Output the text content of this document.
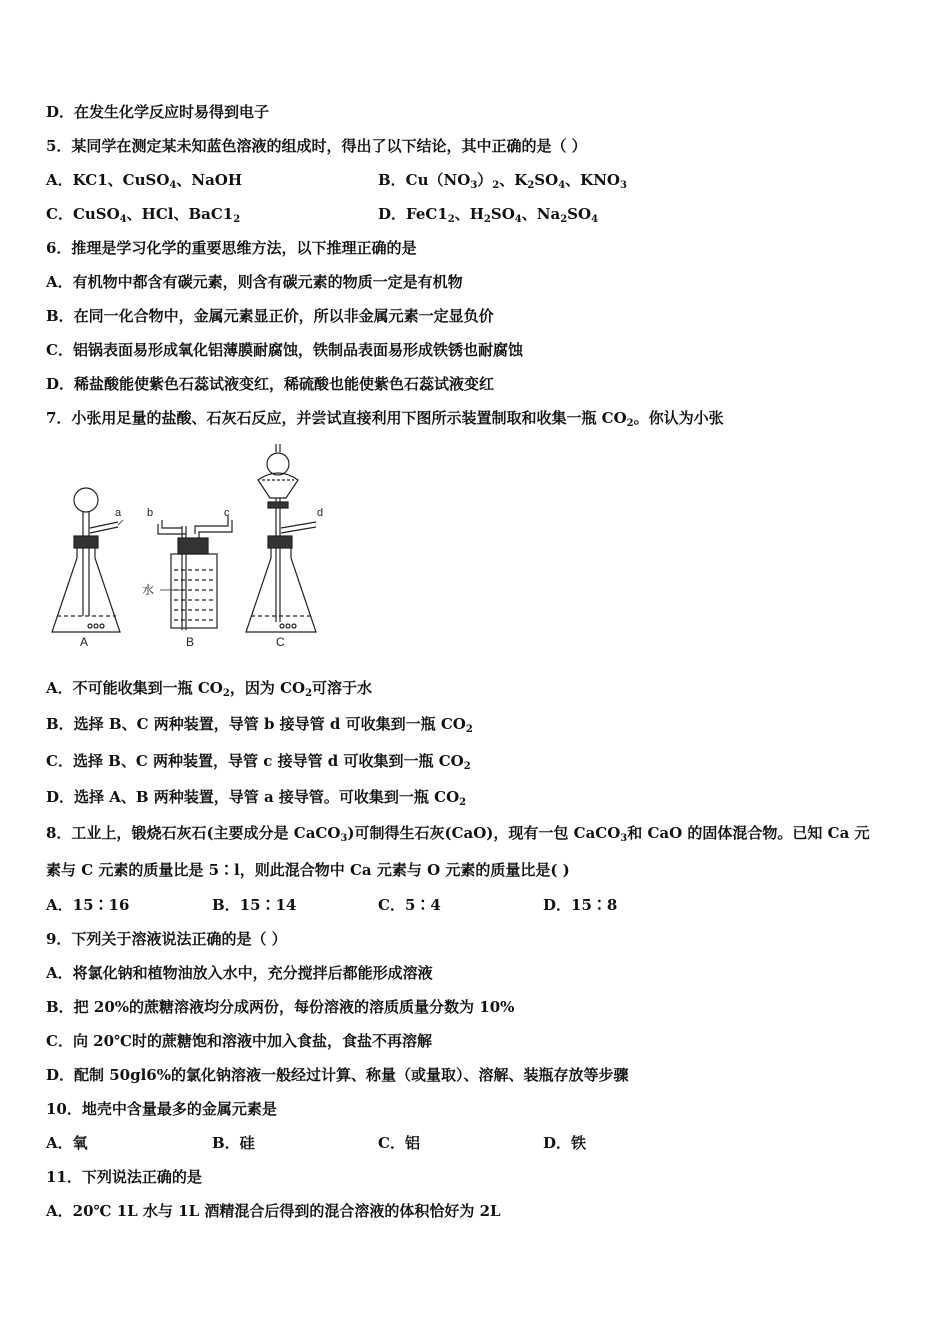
D．在发生化学反应时易得到电子
5．某同学在测定某未知蓝色溶液的组成时，得出了以下结论，其中正确的是（ ）
A．KC1、CuSO$_4$、NaOH	B．$Cu(NO_3)_2$、$K_2SO_4$、$KNO_3$
C．CuSO$_4$、HCl、$BaC1_2$	D．$FeC1_2$、$H_2SO_4$、$Na_2SO_4$
6．推理是学习化学的重要思维方法，以下推理正确的是
A．有机物中都含有碳元素，则含有碳元素的物质一定是有机物
B．在同一化合物中，金属元素显正价，所以非金属元素一定显负价
C．铝锅表面易形成氧化铝薄膜耐腐蚀，铁制品表面易形成铁锈也耐腐蚀
D．稀盐酸能使紫色石蕊试液变红，稀硫酸也能使紫色石蕊试液变红
7．小张用足量的盐酸、石灰石反应，并尝试直接利用下图所示装置制取和收集一瓶 $CO_2$。你认为小张
a
A
b	c
水
B
d
C
A．不可能收集到一瓶 $CO_2$，因为 $CO_2$可溶于水
B．选择 B、C 两种装置，导管 b 接导管 d 可收集到一瓶 $CO_2$
C．选择 B、C 两种装置，导管 c 接导管 d 可收集到一瓶 $CO_2$
D．选择 A、B 两种装置，导管 a 接导管。可收集到一瓶 $CO_2$
8．工业上，锻烧石灰石(主要成分是 CaCO$_3$)可制得生石灰(CaO)，现有一包 CaCO$_3$和 CaO 的固体混合物。已知 Ca 元
素与 C 元素的质量比是 5∶l，则此混合物中 Ca 元素与 O 元素的质量比是( )
A．15∶16	B．15∶14	C．5∶4	D．15∶8
9．下列关于溶液说法正确的是（ ）
A．将氯化钠和植物油放入水中，充分搅拌后都能形成溶液
B．把 20%的蔗糖溶液均分成两份，每份溶液的溶质质量分数为 10%
C．向 20℃时的蔗糖饱和溶液中加入食盐，食盐不再溶解
D．配制 50gl6%的氯化钠溶液一般经过计算、称量（或量取）、溶解、装瓶存放等步骤
10．地壳中含量最多的金属元素是
A．氧	B．硅	C．铝	D．铁
11．下列说法正确的是
A．20℃ 1L 水与 1L 酒精混合后得到的混合溶液的体积恰好为 2L
